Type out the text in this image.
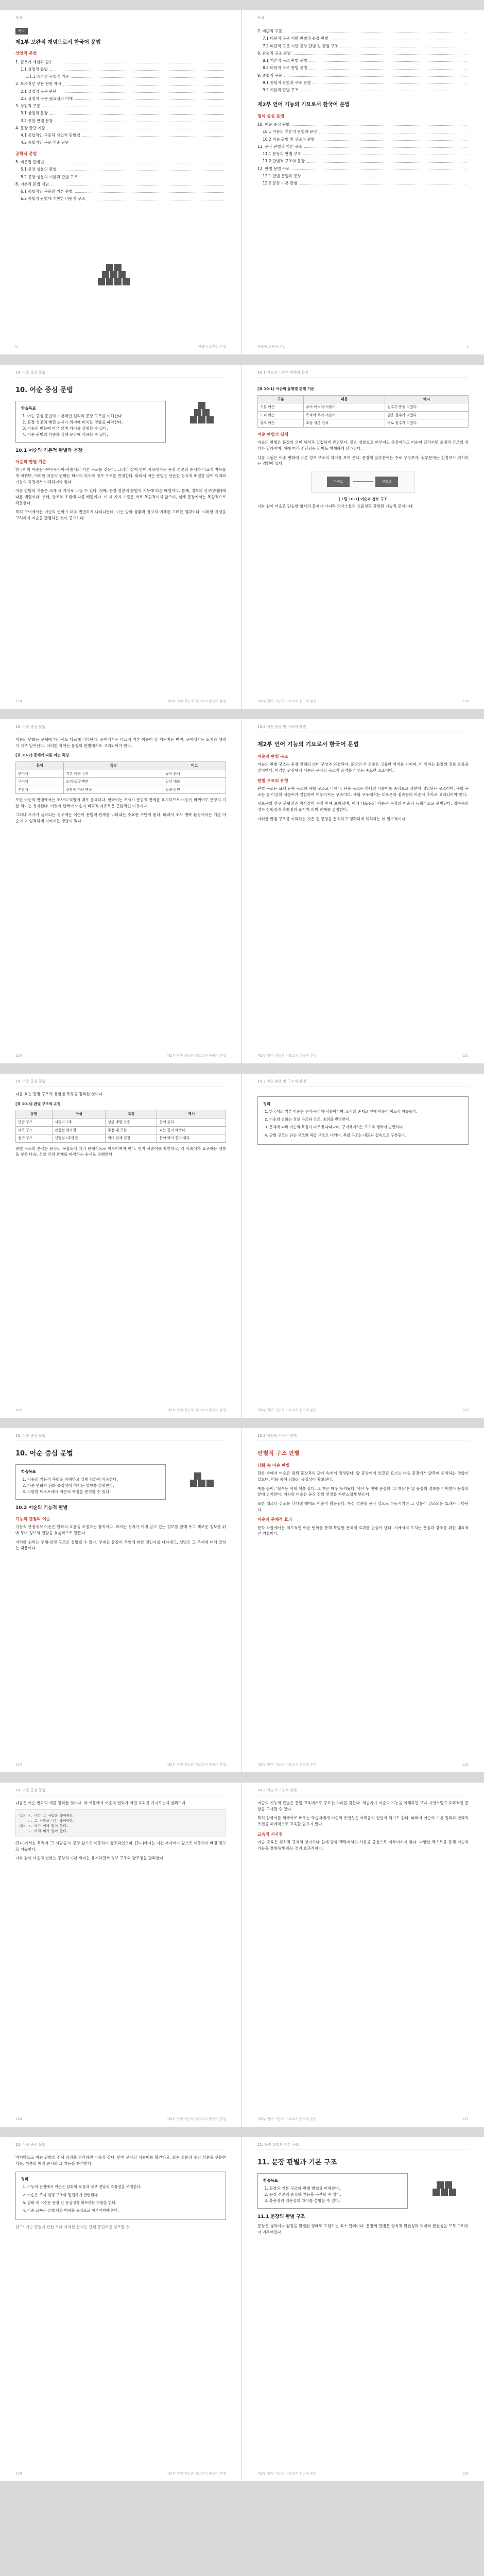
목차
목차
제1부 보완적 개념으로서 한국어 문법
상업적 문법
1. 글쓰기 개념과 필수
1.1 상업적 문법
1.1.1 종류별 문법적 기준
2. 보조적인 구문 판단 제시
2.1 상업적 구문 판단
2.2 상업적 구문 필요성의 이해
3. 상업적 구문
3.1 상업적 문장
3.2 종합 판별 문장
4. 문장 판단 기준
4.1 종합적인 구문과 상업적 판별법
4.2 종합적인 구문 기준 판단
공학식 문법
5. 비문법 판별법
5.1 문장 성분의 판별
5.2 문장 성분의 기본적 판별 구조
6. 기본적 문법 개념
6.1 종합적인 구문의 기본 판별
6.2 종합적 판별에 기반한 비판적 구조
iv	한국어 보완적 문법
목차
7. 비판적 구문
7.1 비판적 구문 기반 판별과 문장 판별
7.2 비판적 구문 기반 문장 판별 및 판별 구조
8. 판별적 구조 판별
8.1 기본적 구조 판별 문법
8.2 비판적 구조 판별 문법
9. 종합적 구문
9.1 종합적 판별과 구조 판별
9.2 기본적 판별 구조
제2부 언어 기능의 기요로서 한국어 문법
형식 중심 문법
10. 어순 중심 문법
10.1 어순의 기본적 판별과 문장
10.2 어순 판별 및 구조적 판별
11. 문장 판별과 기본 구조
11.1 문장의 판별 구조
11.2 판별적 구조와 문장
12. 판별 문법 구조
12.1 판별 문법과 문장
12.2 문장 기본 판별
한국어 보완적 문법	v
10. 어순 중심 문법
10. 어순 중심 문법
학습목표
1. 어순 중심 문법의 기본적인 원리와 문장 구조를 이해한다.
2. 문장 성분의 배열 순서가 의미에 미치는 영향을 파악한다.
3. 어순의 변화에 따른 의미 차이를 설명할 수 있다.
4. 어순 판별의 기준을 실제 문장에 적용할 수 있다.
10.1 어순의 기본적 판별과 문장
어순의 판별 기준

한국어의 어순은 주어-목적어-서술어의 기본 구조를 갖는다. 그러나 실제 언어 사용에서는 문장 성분의 순서가 비교적 자유롭게 바뀌며, 이러한 어순의 변화는 화자의 의도와 정보 구조를 반영한다. 따라서 어순 판별은 단순한 형식적 배열을 넘어 의미와 기능의 측면에서 이해되어야 한다.

어순 판별의 기준은 크게 세 가지로 나눌 수 있다. 첫째, 문장 성분의 문법적 기능에 따른 배열이다. 둘째, 정보의 신구(新舊)에 따른 배열이다. 셋째, 강조와 초점에 따른 배열이다. 이 세 가지 기준은 서로 독립적이지 않으며, 실제 문장에서는 복합적으로 작용한다.

특히 구어에서는 어순의 변화가 더욱 빈번하게 나타나는데, 이는 발화 상황과 청자의 이해를 고려한 결과이다. 이러한 특성을 고려하여 어순을 판별하는 것이 중요하다.

118	제2부 언어 기능의 기요로서 한국어 문법
10.1 어순의 기본적 판별과 문장
[표 10-1] 어순의 유형별 판별 기준
구분	내용	예시
기본 어순	주어-목적어-서술어	철수가 밥을 먹었다.
도치 어순	목적어-주어-서술어	밥을 철수가 먹었다.
강조 어순	초점 성분 전치	바로 철수가 먹었다.
어순 판별의 실제

어순의 판별은 문장의 의미 해석과 밀접하게 관련된다. 같은 성분으로 이루어진 문장이라도 어순이 달라지면 초점과 강조의 위치가 달라지며, 이에 따라 전달되는 의미도 미세하게 달라진다.

다음 그림은 어순 변화에 따른 정보 구조의 차이를 보여 준다. 문장의 앞부분에는 주로 구정보가, 뒷부분에는 신정보가 위치하는 경향이 있다.

구정보	신정보
[그림 10-1] 어순과 정보 구조

이와 같이 어순은 단순한 형식의 문제가 아니라 의사소통의 효율성과 관련된 기능적 문제이다.

제2부 언어 기능의 기요로서 한국어 문법	119
10. 어순 중심 문법

어순의 변화는 문체에 따라서도 다르게 나타난다. 문어에서는 비교적 기본 어순이 잘 지켜지는 반면, 구어에서는 도치와 생략이 자주 일어난다. 이러한 차이는 문장의 판별에서도 고려되어야 한다.

[표 10-2] 문체에 따른 어순 특징
문체	특징	비고
문어체	기본 어순 유지	공식 문서
구어체	도치·생략 빈번	일상 대화
혼합체	상황에 따라 변동	방송·강연

또한 어순의 판별에서는 조사의 역할이 매우 중요하다. 한국어는 조사가 문법적 관계를 표시하므로 어순이 바뀌어도 문장의 기본 의미는 유지된다. 이것이 한국어 어순이 비교적 자유로운 근본적인 이유이다.

그러나 조사가 생략되는 경우에는 어순이 문법적 관계를 나타내는 주요한 수단이 된다. 따라서 조사 생략 환경에서는 기본 어순이 더 엄격하게 지켜지는 경향이 있다.

120	제2부 언어 기능의 기요로서 한국어 문법
10.2 어순 판별 및 구조적 판별
제2부 언어 기능의 기요로서 한국어 문법
어순과 판별 구조

어순의 판별 구조는 문장 전체의 의미 구성과 연결된다. 문장의 각 성분은 고유한 위치를 가지며, 이 위치는 문장의 정보 흐름을 결정한다. 이러한 관점에서 어순은 문장의 구조적 골격을 이루는 중요한 요소이다.

판별 구조의 유형

판별 구조는 크게 단순 구조와 복합 구조로 나뉜다. 단순 구조는 하나의 서술어를 중심으로 성분이 배열되는 구조이며, 복합 구조는 둘 이상의 서술어가 결합하여 이루어지는 구조이다. 복합 구조에서는 내포문과 접속문의 어순이 추가로 고려되어야 한다.

내포문의 경우 관형절과 명사절이 주절 안에 포함되며, 이때 내포문의 어순은 주절의 어순과 독립적으로 판별된다. 접속문의 경우 선행절과 후행절의 순서가 의미 관계를 결정한다.

이러한 판별 구조를 이해하는 것은 긴 문장을 분석하고 정확하게 해석하는 데 필수적이다.

제2부 언어 기능의 기요로서 한국어 문법	121
10. 어순 중심 문법

다음 표는 판별 구조의 유형별 특징을 정리한 것이다.

[표 10-3] 판별 구조의 유형
유형	구성	특징	예시
단순 구조	서술어 1개	성분 배열 단순	꽃이 핀다.
내포 구조	관형절·명사절	주절 내 포함	피는 꽃이 예쁘다.
접속 구조	선행절+후행절	의미 관계 결정	봄이 와서 꽃이 핀다.

판별 구조의 분석은 문장의 복잡도에 따라 단계적으로 이루어져야 한다. 먼저 서술어를 확인하고, 각 서술어가 요구하는 성분을 찾은 다음, 성분 간의 관계를 파악하는 순서로 진행한다.

122	제2부 언어 기능의 기요로서 한국어 문법
10.2 어순 판별 및 구조적 판별
정리
1. 한국어의 기본 어순은 주어-목적어-서술어이며, 조사의 존재로 인해 어순이 비교적 자유롭다.
2. 어순의 변화는 정보 구조와 강조, 초점을 반영한다.
3. 문체에 따라 어순의 특징이 다르게 나타나며, 구어체에서는 도치와 생략이 빈번하다.
4. 판별 구조는 단순 구조와 복합 구조로 나뉘며, 복합 구조는 내포와 접속으로 구분된다.
제2부 언어 기능의 기요로서 한국어 문법	123
10. 어순 중심 문법
10. 어순 중심 문법
학습목표
1. 어순의 기능적 측면을 이해하고 실제 담화에 적용한다.
2. 어순 변화가 담화 응집성에 미치는 영향을 설명한다.
3. 다양한 텍스트에서 어순의 특징을 분석할 수 있다.
10.2 어순의 기능적 판별
기능적 관점의 어순

기능적 관점에서 어순은 담화의 흐름을 조절하는 장치이다. 화자는 청자가 이미 알고 있는 정보를 앞에 두고 새로운 정보를 뒤에 두어 정보의 전달을 효율적으로 만든다.

이러한 원리는 주제-설명 구조로 설명될 수 있다. 주제는 문장이 무엇에 대한 것인지를 나타내고, 설명은 그 주제에 대해 말하는 내용이다.

124	제2부 언어 기능의 기요로서 한국어 문법
10.2 어순의 기능적 판별
판별적 구조 판별
담화 속 어순 판별

담화 속에서 어순은 앞뒤 문장과의 관계 속에서 결정된다. 앞 문장에서 언급된 요소는 다음 문장에서 앞쪽에 위치하는 경향이 있으며, 이를 통해 담화의 응집성이 확보된다.

예를 들어, '철수는 어제 책을 샀다. 그 책은 매우 두꺼웠다.'에서 두 번째 문장의 '그 책은'은 앞 문장의 정보를 이어받아 문장의 앞에 위치한다. 이처럼 어순은 문장 간의 연결을 자연스럽게 만든다.

또한 대조나 강조를 나타낼 때에도 어순이 활용된다. 특정 성분을 문장 앞으로 이동시키면 그 성분이 강조되는 효과가 나타난다.

어순과 문체적 효과

문학 작품에서는 의도적인 어순 변화를 통해 특별한 문체적 효과를 만들어 낸다. 시에서의 도치는 운율과 강조를 위한 대표적인 기법이다.

제2부 언어 기능의 기요로서 한국어 문법	125
10. 어순 중심 문법

다음은 어순 변화의 예를 정리한 것이다. 각 예문에서 어순의 변화가 어떤 효과를 가져오는지 살펴보자.

(1) ㄱ. 나는 그 사람을 좋아한다.
ㄴ. 그 사람을 나는 좋아한다.
(2) ㄱ. 비가 어제 많이 왔다.
ㄴ. 어제 비가 많이 왔다.

(1ㄴ)에서는 목적어 '그 사람을'이 문장 앞으로 이동하여 강조되었으며, (2ㄴ)에서는 시간 부사어가 앞으로 이동하여 배경 정보로 기능한다.

이와 같이 어순의 변화는 문장의 기본 의미는 유지하면서 정보 구조와 강조점을 달리한다.

126	제2부 언어 기능의 기요로서 한국어 문법
10.2 어순의 기능적 판별

어순의 기능적 판별은 문법 교육에서도 중요한 의미를 갖는다. 학습자가 어순의 기능을 이해하면 보다 자연스럽고 효과적인 문장을 구사할 수 있다.

특히 한국어를 외국어로 배우는 학습자에게 어순의 유연성은 어려움의 원인이 되기도 한다. 따라서 어순의 기본 원리와 변화의 조건을 체계적으로 교육할 필요가 있다.

교육적 시사점

어순 교육은 형식적 규칙의 암기보다 실제 담화 맥락에서의 사용을 중심으로 이루어져야 한다. 다양한 텍스트를 통해 어순의 기능을 경험하게 하는 것이 효과적이다.

제2부 언어 기능의 기요로서 한국어 문법	127
10. 어순 중심 문법

마지막으로 어순 판별의 전체 과정을 정리하면 다음과 같다. 먼저 문장의 서술어를 확인하고, 필수 성분과 수의 성분을 구분한 다음, 성분의 배열 순서와 그 기능을 분석한다.

정리
1. 기능적 관점에서 어순은 담화의 흐름과 정보 전달의 효율성을 조절한다.
2. 어순은 주제-설명 구조와 밀접하게 관련된다.
3. 담화 속 어순은 문장 간 응집성을 확보하는 역할을 한다.
4. 어순 교육은 실제 담화 맥락을 중심으로 이루어져야 한다.

참고: 어순 판별에 관한 보다 자세한 논의는 관련 문법서를 참조할 것.

128	제2부 언어 기능의 기요로서 한국어 문법
11. 문장 판별과 기본 구조
11. 문장 판별과 기본 구조
학습목표
1. 문장의 기본 구조와 판별 방법을 이해한다.
2. 문장 성분의 종류와 기능을 구분할 수 있다.
3. 홑문장과 겹문장의 차이를 설명할 수 있다.
11.1 문장의 판별 구조

문장은 생각이나 감정을 완결된 형태로 표현하는 최소 단위이다. 문장의 판별은 형식적 완결성과 의미적 완결성을 모두 고려하여 이루어진다.

제2부 언어 기능의 기요로서 한국어 문법	129
